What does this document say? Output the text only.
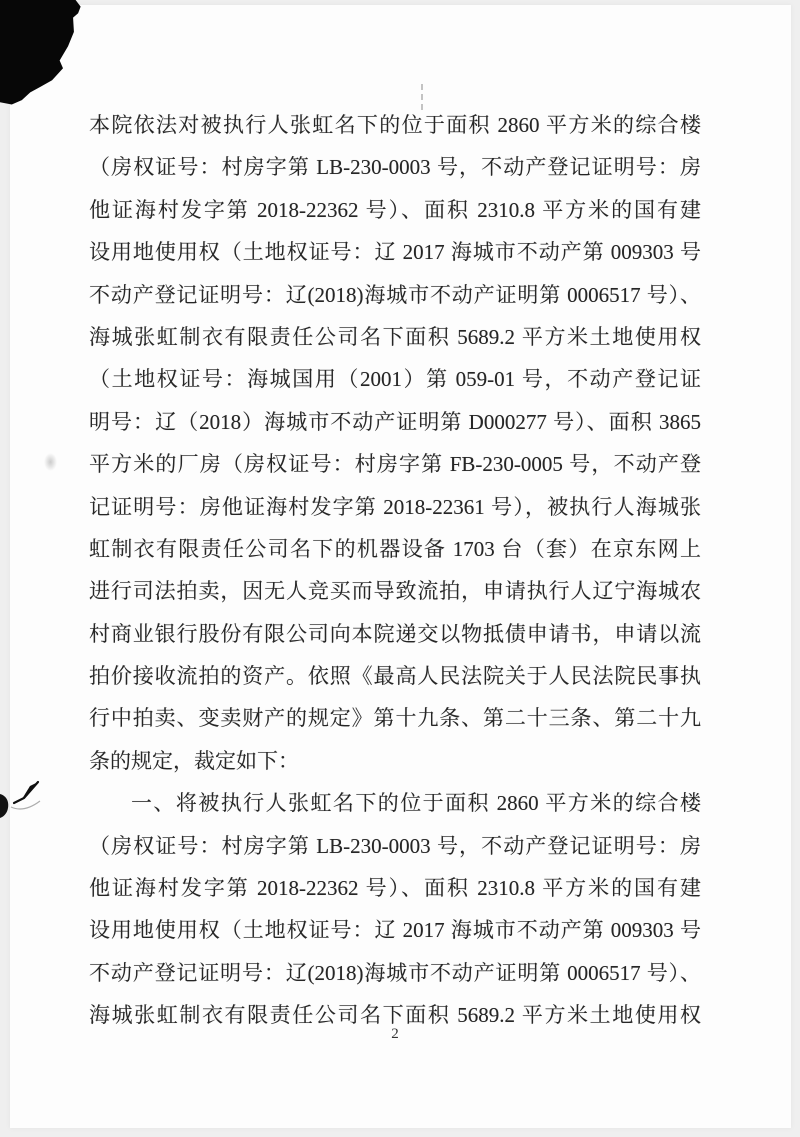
本院依法对被执行人张虹名下的位于面积 2860 平方米的综合楼
（房权证号：村房字第 LB-230-0003 号，不动产登记证明号：房
他证海村发字第 2018-22362 号）、面积 2310.8 平方米的国有建
设用地使用权（土地权证号：辽 2017 海城市不动产第 009303 号
不动产登记证明号：辽(2018)海城市不动产证明第 0006517 号）、
海城张虹制衣有限责任公司名下面积 5689.2 平方米土地使用权
（土地权证号：海城国用（2001）第 059-01 号，不动产登记证
明号：辽（2018）海城市不动产证明第 D000277 号）、面积 3865
平方米的厂房（房权证号：村房字第 FB-230-0005 号，不动产登
记证明号：房他证海村发字第 2018-22361 号），被执行人海城张
虹制衣有限责任公司名下的机器设备 1703 台（套）在京东网上
进行司法拍卖，因无人竞买而导致流拍，申请执行人辽宁海城农
村商业银行股份有限公司向本院递交以物抵债申请书，申请以流
拍价接收流拍的资产。依照《最高人民法院关于人民法院民事执
行中拍卖、变卖财产的规定》第十九条、第二十三条、第二十九
条的规定，裁定如下：
一、将被执行人张虹名下的位于面积 2860 平方米的综合楼
（房权证号：村房字第 LB-230-0003 号，不动产登记证明号：房
他证海村发字第 2018-22362 号）、面积 2310.8 平方米的国有建
设用地使用权（土地权证号：辽 2017 海城市不动产第 009303 号
不动产登记证明号：辽(2018)海城市不动产证明第 0006517 号）、
海城张虹制衣有限责任公司名下面积 5689.2 平方米土地使用权
2
